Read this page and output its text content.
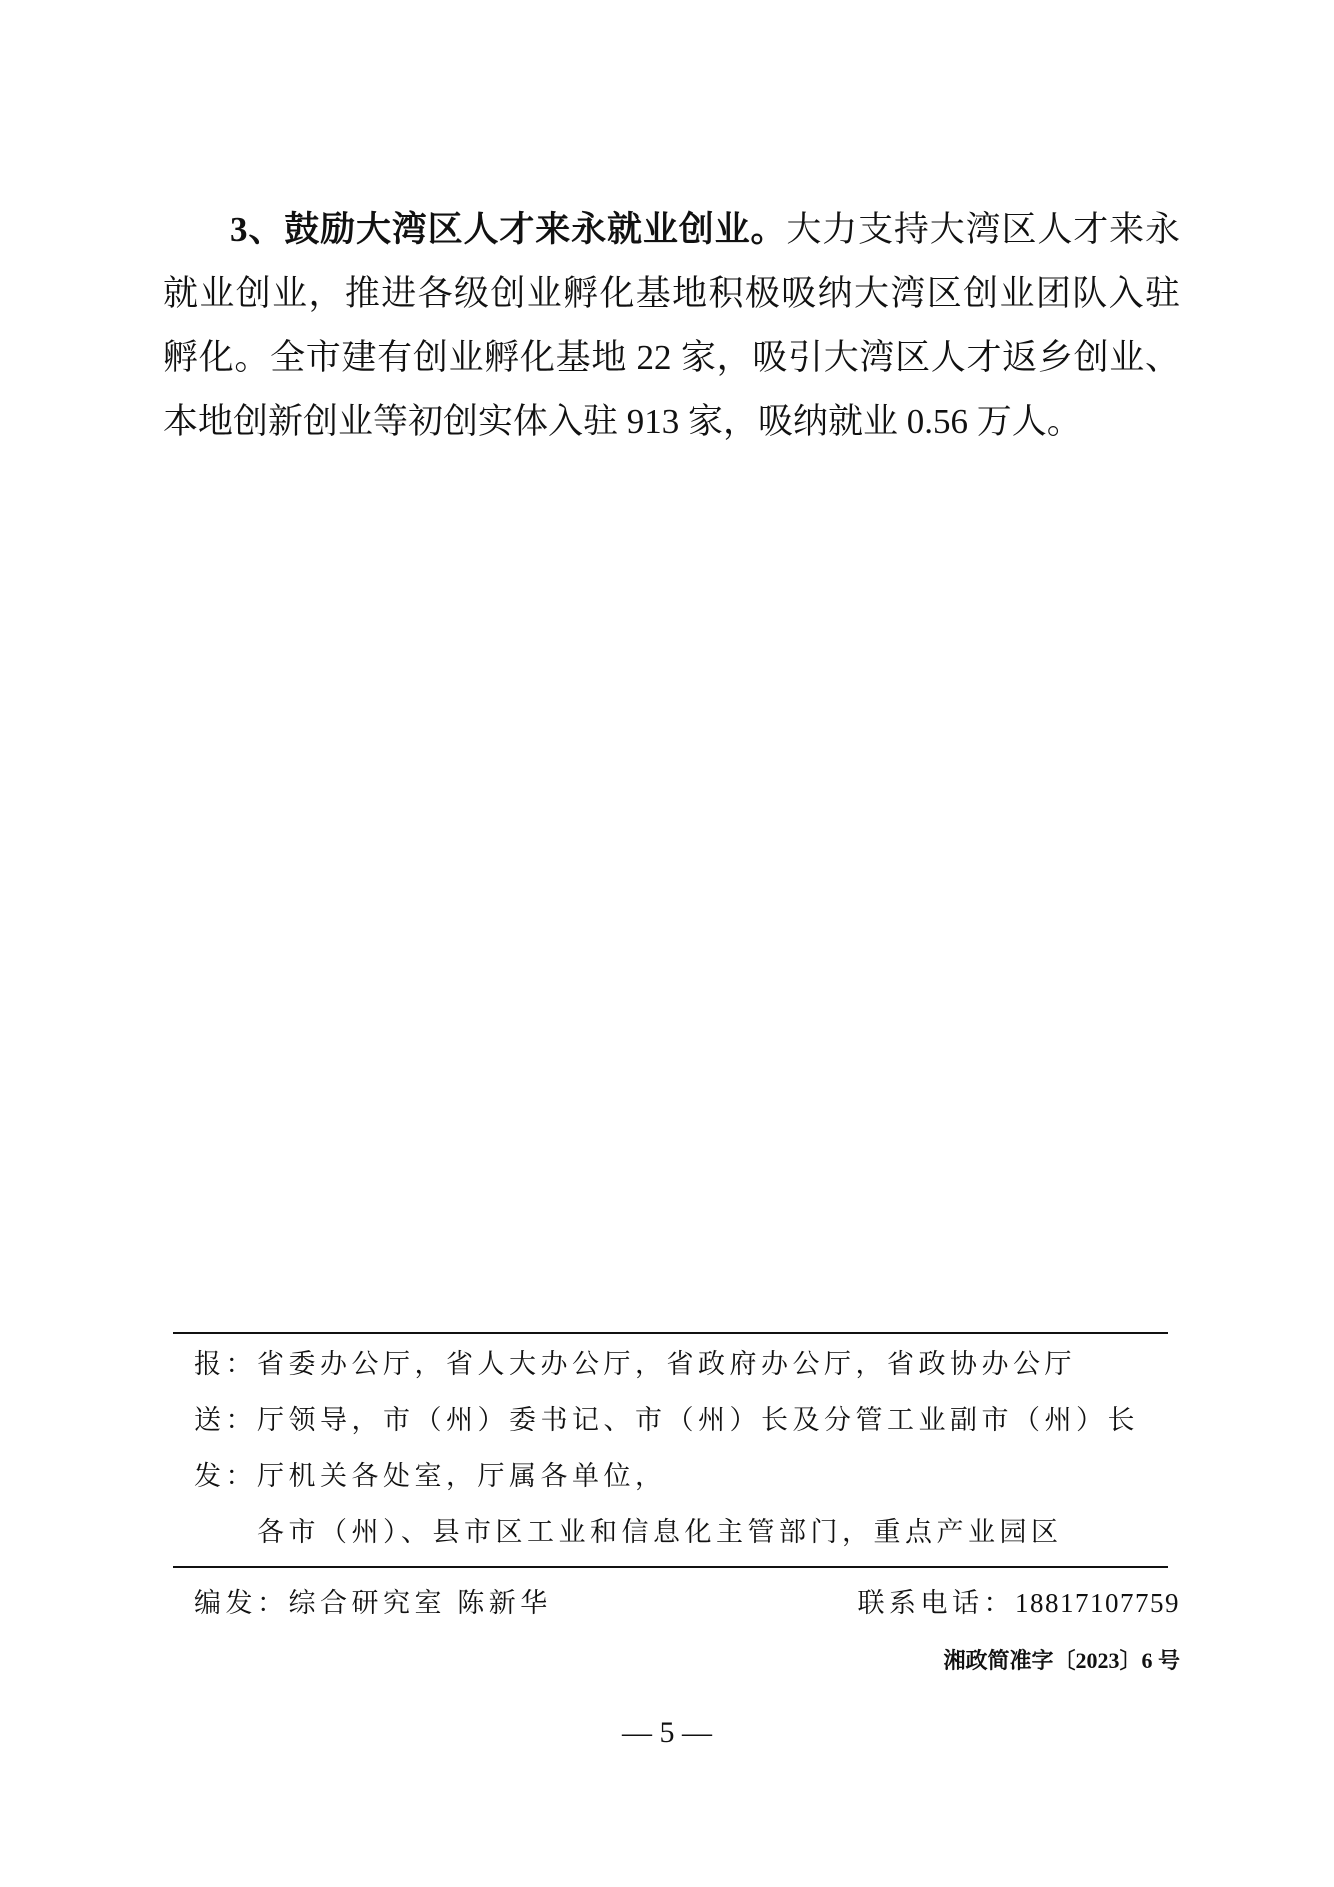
3、鼓励大湾区人才来永就业创业。大力支持大湾区人才来永
就业创业，推进各级创业孵化基地积极吸纳大湾区创业团队入驻
孵化。全市建有创业孵化基地 22 家，吸引大湾区人才返乡创业、
本地创新创业等初创实体入驻 913 家，吸纳就业 0.56 万人。
报：省委办公厅，省人大办公厅，省政府办公厅，省政协办公厅
送：厅领导，市（州）委书记、市（州）长及分管工业副市（州）长
发：厅机关各处室，厅属各单位，
各市（州）、县市区工业和信息化主管部门，重点产业园区
编发：综合研究室 陈新华	联系电话：18817107759
湘政简准字〔2023〕6 号
— 5 —
